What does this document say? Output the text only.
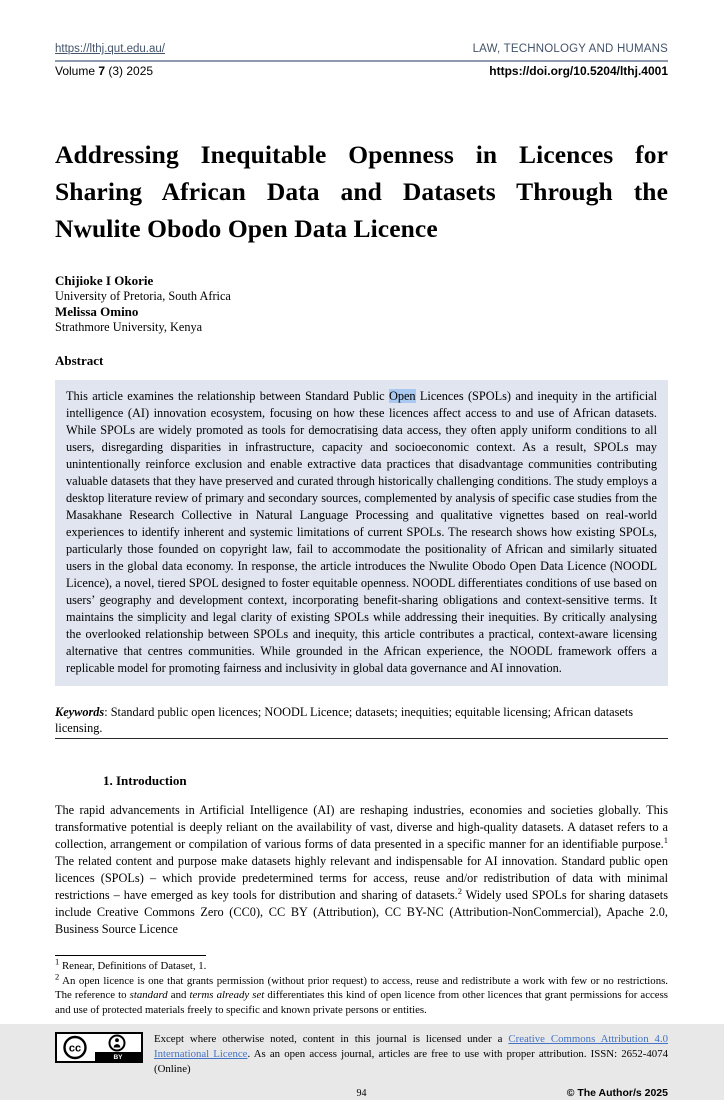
https://lthj.qut.edu.au/	LAW, TECHNOLOGY AND HUMANS
Volume 7 (3) 2025	https://doi.org/10.5204/lthj.4001
Addressing Inequitable Openness in Licences for Sharing African Data and Datasets Through the Nwulite Obodo Open Data Licence
Chijioke I Okorie
University of Pretoria, South Africa
Melissa Omino
Strathmore University, Kenya
Abstract
This article examines the relationship between Standard Public Open Licences (SPOLs) and inequity in the artificial intelligence (AI) innovation ecosystem, focusing on how these licences affect access to and use of African datasets. While SPOLs are widely promoted as tools for democratising data access, they often apply uniform conditions to all users, disregarding disparities in infrastructure, capacity and socioeconomic context. As a result, SPOLs may unintentionally reinforce exclusion and enable extractive data practices that disadvantage communities contributing valuable datasets that they have preserved and curated through historically challenging conditions. The study employs a desktop literature review of primary and secondary sources, complemented by analysis of specific case studies from the Masakhane Research Collective in Natural Language Processing and qualitative vignettes based on real-world experiences to identify inherent and systemic limitations of current SPOLs. The research shows how existing SPOLs, particularly those founded on copyright law, fail to accommodate the positionality of African and similarly situated users in the global data economy. In response, the article introduces the Nwulite Obodo Open Data Licence (NOODL Licence), a novel, tiered SPOL designed to foster equitable openness. NOODL differentiates conditions of use based on users’ geography and development context, incorporating benefit-sharing obligations and context-sensitive terms. It maintains the simplicity and legal clarity of existing SPOLs while addressing their inequities. By critically analysing the overlooked relationship between SPOLs and inequity, this article contributes a practical, context-aware licensing alternative that centres communities. While grounded in the African experience, the NOODL framework offers a replicable model for promoting fairness and inclusivity in global data governance and AI innovation.
Keywords: Standard public open licences; NOODL Licence; datasets; inequities; equitable licensing; African datasets licensing.
1. Introduction

The rapid advancements in Artificial Intelligence (AI) are reshaping industries, economies and societies globally. This transformative potential is deeply reliant on the availability of vast, diverse and high-quality datasets. A dataset refers to a collection, arrangement or compilation of various forms of data presented in a specific manner for an identifiable purpose.$^1$ The related content and purpose make datasets highly relevant and indispensable for AI innovation. Standard public open licences (SPOLs) – which provide predetermined terms for access, reuse and/or redistribution of data with minimal restrictions – have emerged as key tools for distribution and sharing of datasets.$^2$ Widely used SPOLs for sharing datasets include Creative Commons Zero (CC0), CC BY (Attribution), CC BY-NC (Attribution-NonCommercial), Apache 2.0, Business Source Licence

$^1$ Renear, Definitions of Dataset, 1.

$^2$ An open licence is one that grants permission (without prior request) to access, reuse and redistribute a work with few or no restrictions. The reference to standard and terms already set differentiates this kind of open licence from other licences that grant permissions for access and use of protected materials freely to specific and known private persons or entities.

cc
BY
Except where otherwise noted, content in this journal is licensed under a Creative Commons Attribution 4.0 International Licence. As an open access journal, articles are free to use with proper attribution. ISSN: 2652-4074 (Online)
94	© The Author/s 2025
